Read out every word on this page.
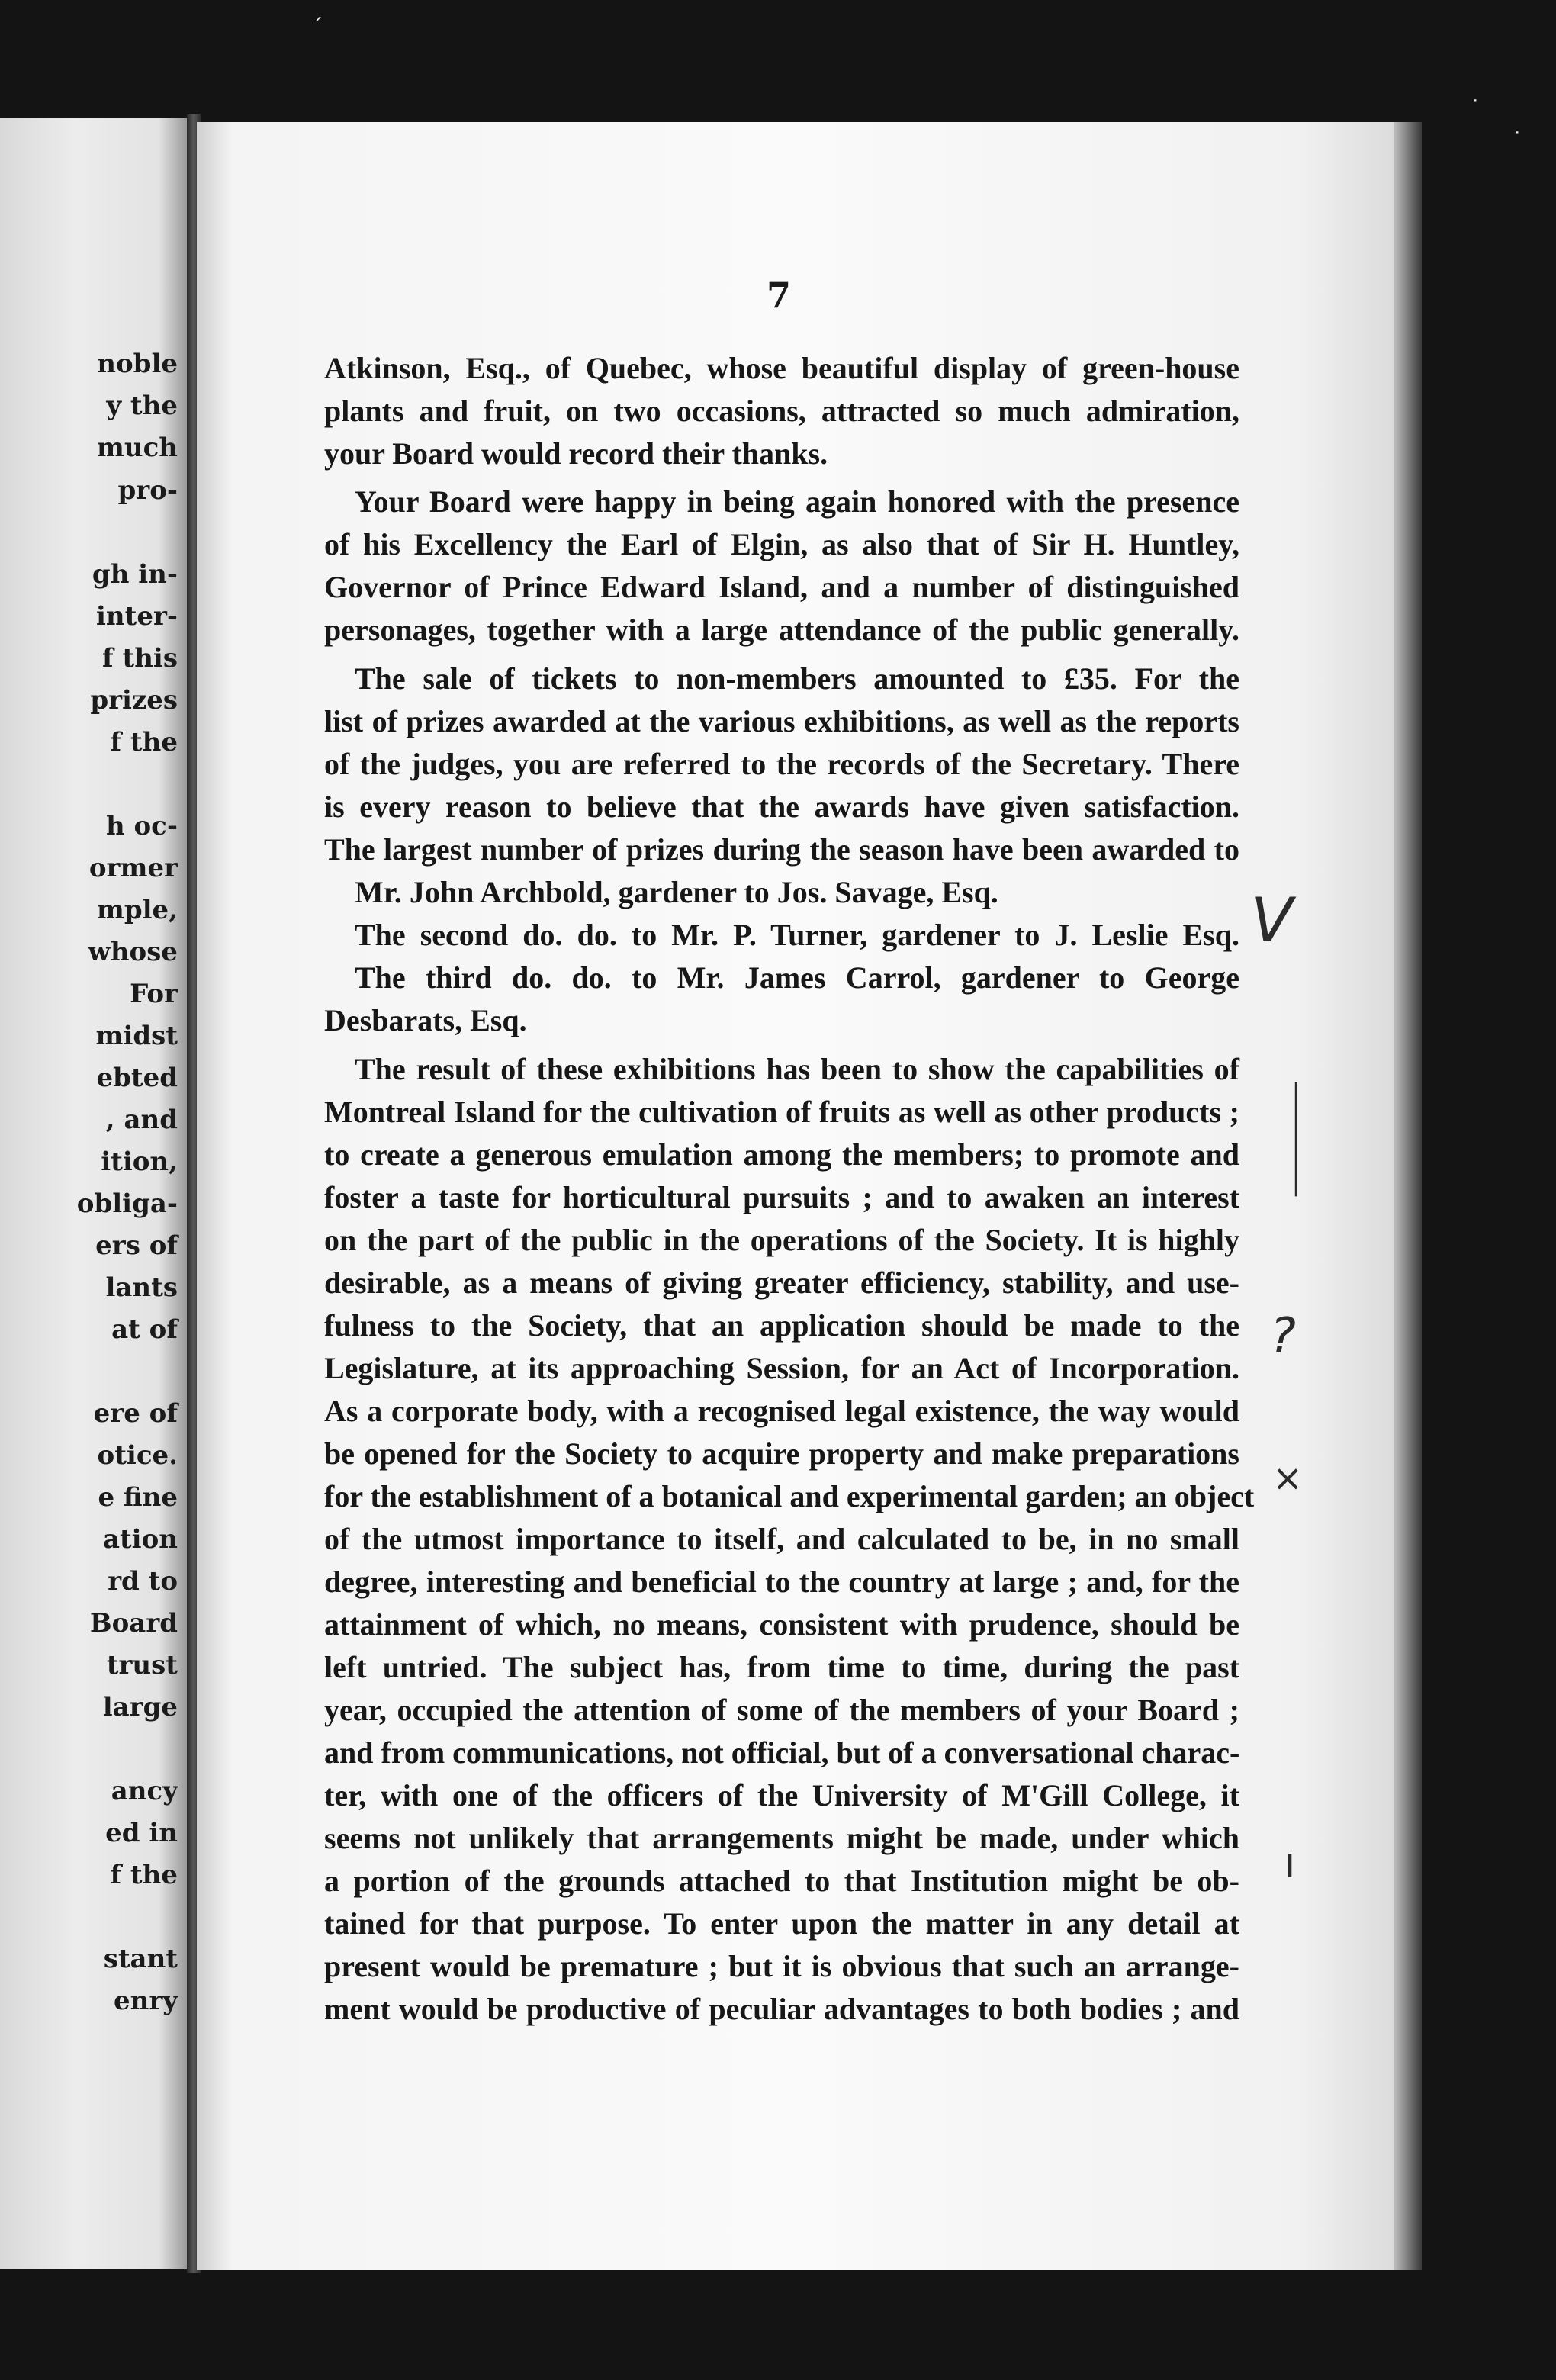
noble

y the

much

pro-

gh in-

inter-

f this

prizes

f the

h oc-

ormer

mple,

whose

For

midst

ebted

, and

ition,

obliga-

ers of

lants

at of

ere of

otice.

e fine

ation

rd to

Board

trust

large

ancy

ed in

f the

stant

enry

7

Atkinson, Esq., of Quebec, whose beautiful display of green-house

plants and fruit, on two occasions, attracted so much admiration,

your Board would record their thanks.

Your Board were happy in being again honored with the presence

of his Excellency the Earl of Elgin, as also that of Sir H. Huntley,

Governor of Prince Edward Island, and a number of distinguished

personages, together with a large attendance of the public generally.

The sale of tickets to non-members amounted to £35. For the

list of prizes awarded at the various exhibitions, as well as the reports

of the judges, you are referred to the records of the Secretary. There

is every reason to believe that the awards have given satisfaction.

The largest number of prizes during the season have been awarded to

Mr. John Archbold, gardener to Jos. Savage, Esq.

The second do. do. to Mr. P. Turner, gardener to J. Leslie Esq.

The third do. do. to Mr. James Carrol, gardener to George

Desbarats, Esq.

The result of these exhibitions has been to show the capabilities of

Montreal Island for the cultivation of fruits as well as other products ;

to create a generous emulation among the members; to promote and

foster a taste for horticultural pursuits ; and to awaken an interest

on the part of the public in the operations of the Society. It is highly

desirable, as a means of giving greater efficiency, stability, and use-

fulness to the Society, that an application should be made to the

Legislature, at its approaching Session, for an Act of Incorporation.

As a corporate body, with a recognised legal existence, the way would

be opened for the Society to acquire property and make preparations

for the establishment of a botanical and experimental garden; an object

of the utmost importance to itself, and calculated to be, in no small

degree, interesting and beneficial to the country at large ; and, for the

attainment of which, no means, consistent with prudence, should be

left untried. The subject has, from time to time, during the past

year, occupied the attention of some of the members of your Board ;

and from communications, not official, but of a conversational charac-

ter, with one of the officers of the University of M'Gill College, it

seems not unlikely that arrangements might be made, under which

a portion of the grounds attached to that Institution might be ob-

tained for that purpose. To enter upon the matter in any detail at

present would be premature ; but it is obvious that such an arrange-

ment would be productive of peculiar advantages to both bodies ; and

V
|
?
×
ı
´
·
·
